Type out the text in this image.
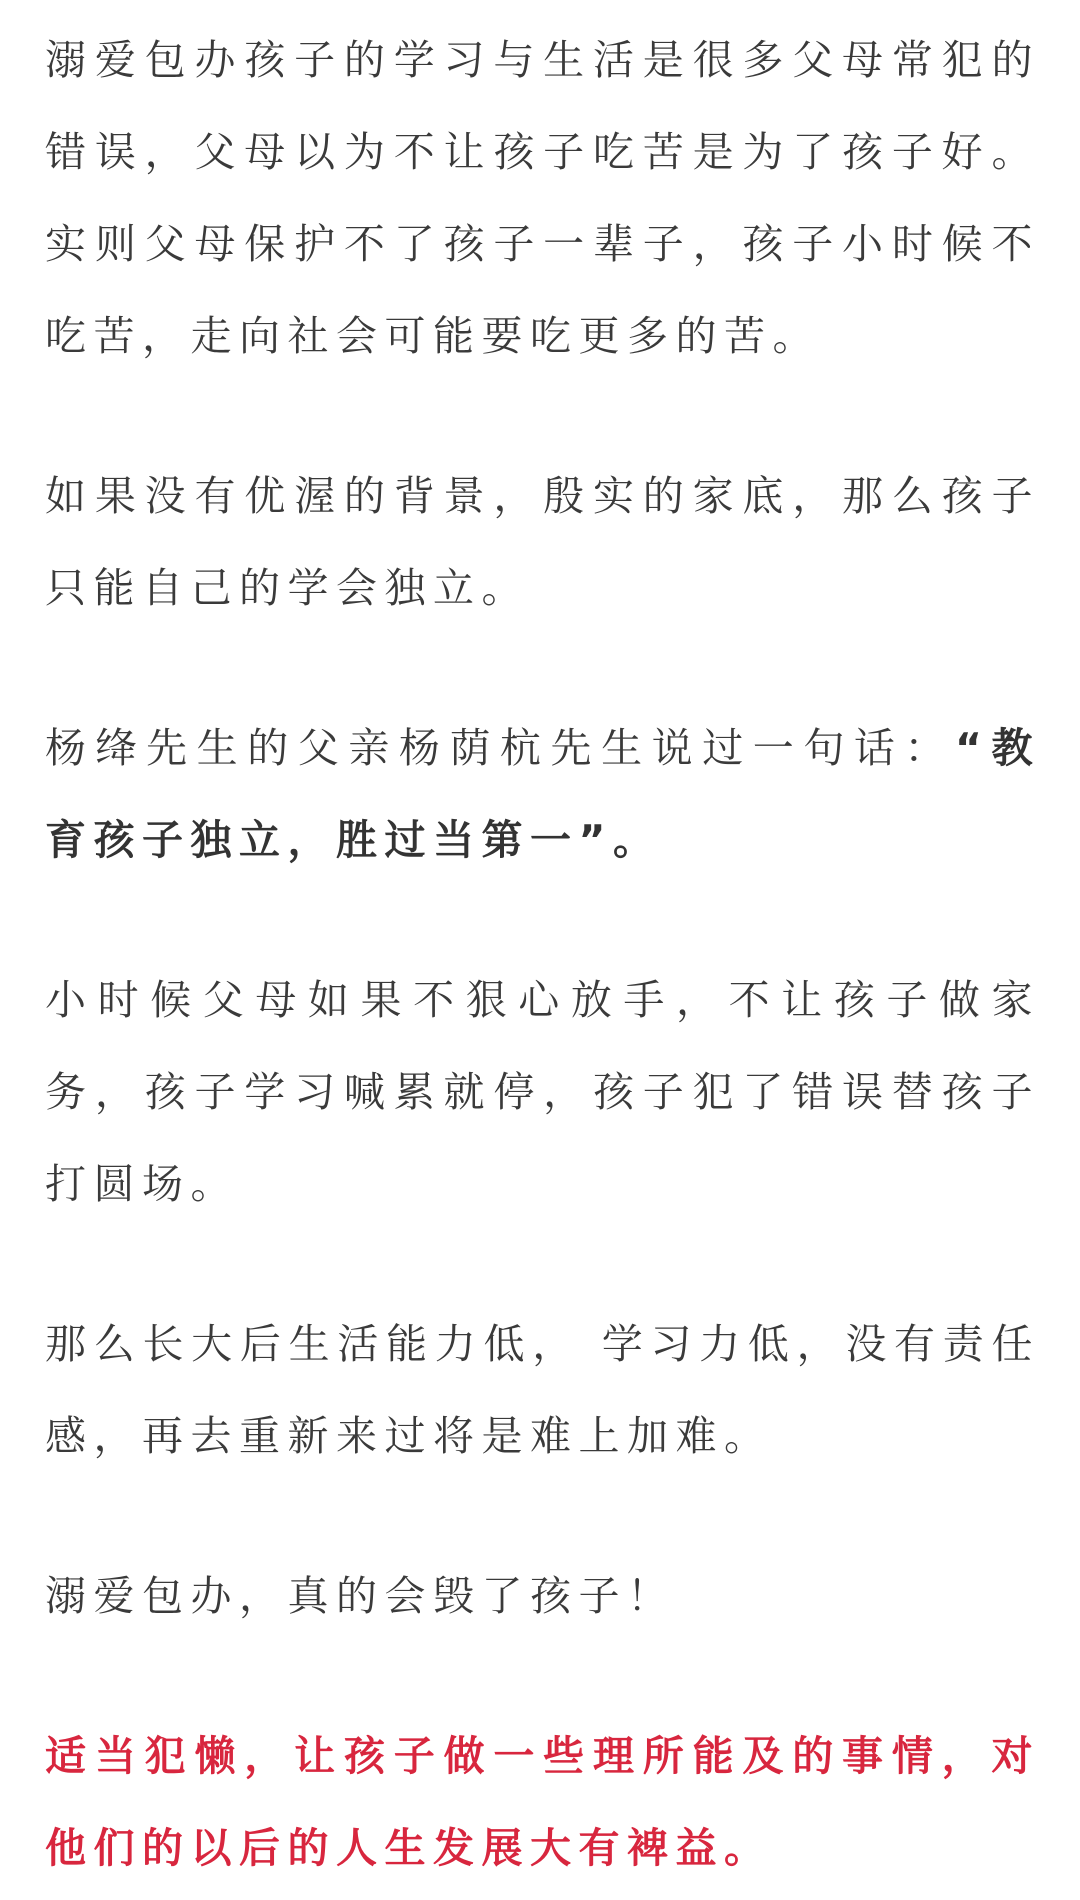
溺爱包办孩子的学习与生活是很多父母常犯的错误，父母以为不让孩子吃苦是为了孩子好。实则父母保护不了孩子一辈子，孩子小时候不吃苦，走向社会可能要吃更多的苦。

如果没有优渥的背景，殷实的家底，那么孩子只能自己的学会独立。

杨绛先生的父亲杨荫杭先生说过一句话：“教育孩子独立，胜过当第一”。

小时候父母如果不狠心放手，不让孩子做家务，孩子学习喊累就停，孩子犯了错误替孩子打圆场。

那么长大后生活能力低， 学习力低，没有责任感，再去重新来过将是难上加难。

溺爱包办，真的会毁了孩子！

适当犯懒，让孩子做一些理所能及的事情，对他们的以后的人生发展大有裨益。
